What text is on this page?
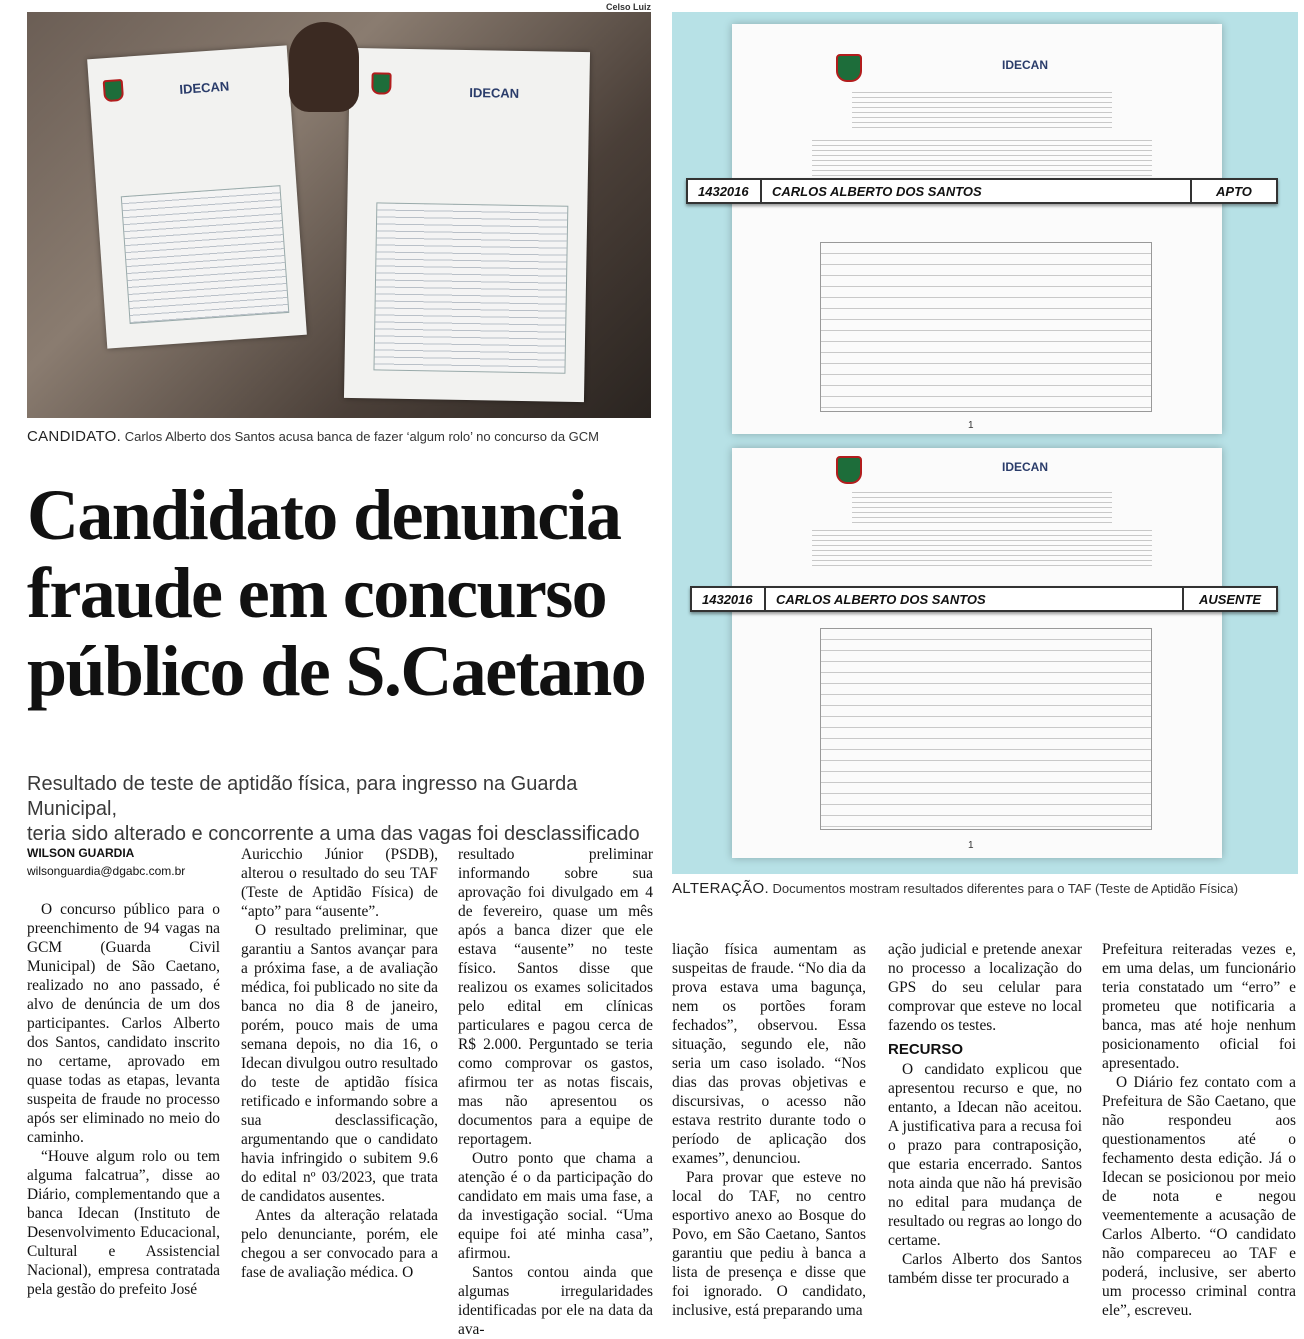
IDECAN	IDECAN
Celso Luiz
CANDIDATO. Carlos Alberto dos Santos acusa banca de fazer ‘algum rolo’ no concurso da GCM
Candidato denuncia
fraude em concurso
público de S.Caetano
Resultado de teste de aptidão física, para ingresso na Guarda Municipal,
teria sido alterado e concorrente a uma das vagas foi desclassificado
WILSON GUARDIA
wilsonguardia@dgabc.com.br

O concurso público para o preenchimento de 94 vagas na GCM (Guarda Civil Municipal) de São Caetano, realizado no ano passado, é alvo de denúncia de um dos participantes. Carlos Alberto dos Santos, candidato inscrito no certame, aprovado em quase todas as etapas, levanta suspeita de fraude no processo após ser eliminado no meio do caminho.

“Houve algum rolo ou tem alguma falcatrua”, disse ao Diário, complementando que a banca Idecan (Instituto de Desenvolvimento Educacional, Cultural e Assistencial Nacional), empresa contratada pela gestão do prefeito José

Auricchio Júnior (PSDB), alterou o resultado do seu TAF (Teste de Aptidão Física) de “apto” para “ausente”.

O resultado preliminar, que garantiu a Santos avançar para a próxima fase, a de avaliação médica, foi publicado no site da banca no dia 8 de janeiro, porém, pouco mais de uma semana depois, no dia 16, o Idecan divulgou outro resultado do teste de aptidão física retificado e informando sobre a sua desclassificação, argumentando que o candidato havia infringido o subitem 9.6 do edital nº 03/2023, que trata de candidatos ausentes.

Antes da alteração relatada pelo denunciante, porém, ele chegou a ser convocado para a fase de avaliação médica. O

resultado preliminar informando sobre sua aprovação foi divulgado em 4 de fevereiro, quase um mês após a banca dizer que ele estava “ausente” no teste físico. Santos disse que realizou os exames solicitados pelo edital em clínicas particulares e pagou cerca de R$ 2.000. Perguntado se teria como comprovar os gastos, afirmou ter as notas fiscais, mas não apresentou os documentos para a equipe de reportagem.

Outro ponto que chama a atenção é o da participação do candidato em mais uma fase, a da investigação social. “Uma equipe foi até minha casa”, afirmou.

Santos contou ainda que algumas irregularidades identificadas por ele na data da ava-

liação física aumentam as suspeitas de fraude. “No dia da prova estava uma bagunça, nem os portões foram fechados”, observou. Essa situação, segundo ele, não seria um caso isolado. “Nos dias das provas objetivas e discursivas, o acesso não estava restrito durante todo o período de aplicação dos exames”, denunciou.

Para provar que esteve no local do TAF, no centro esportivo anexo ao Bosque do Povo, em São Caetano, Santos garantiu que pediu à banca a lista de presença e disse que foi ignorado. O candidato, inclusive, está preparando uma

ação judicial e pretende anexar no processo a localização do GPS do seu celular para comprovar que esteve no local fazendo os testes.

RECURSO

O candidato explicou que apresentou recurso e que, no entanto, a Idecan não aceitou. A justificativa para a recusa foi o prazo para contraposição, que estaria encerrado. Santos nota ainda que não há previsão no edital para mudança de resultado ou regras ao longo do certame.

Carlos Alberto dos Santos também disse ter procurado a

Prefeitura reiteradas vezes e, em uma delas, um funcionário teria constatado um “erro” e prometeu que notificaria a banca, mas até hoje nenhum posicionamento oficial foi apresentado.

O Diário fez contato com a Prefeitura de São Caetano, que não respondeu aos questionamentos até o fechamento desta edição. Já o Idecan se posicionou por meio de nota e negou veementemente a acusação de Carlos Alberto. “O candidato não compareceu ao TAF e poderá, inclusive, ser aberto um processo criminal contra ele”, escreveu.

IDECAN
1
IDECAN
1
1432016	CARLOS ALBERTO DOS SANTOS	APTO
1432016	CARLOS ALBERTO DOS SANTOS	AUSENTE
ALTERAÇÃO. Documentos mostram resultados diferentes para o TAF (Teste de Aptidão Física)
